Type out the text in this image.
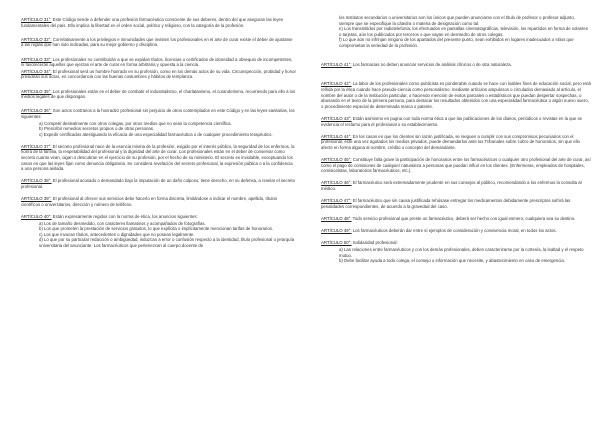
ARTÍCULO 31°: Este Código tiende a defender una profesión farmacéutica consciente de sus deberes, dentro del que aseguran las leyes fundamentales del país. Ello implica la libertad en el orden social, político y religioso, con la categoría de la profesión.

ARTÍCULO 32°: Correlativamente a los privilegios e inmunidades que invisten los profesionales en el arte de curar existe el deber de ajustarse a las reglas que han sido indicadas, para su mejor gobierno y disciplina.

ARTÍCULO 33°: Los profesionales no contribuirán a que se expidan títulos, licencias o certificados de idoneidad a obsequio de incompetentes, ni favorecerán aquellos que ejerzan el arte de curar en forma arbitraria y opuesta a la ciencia.

ARTÍCULO 34°: El profesional será un hombre honrado en su profesión, como en los demás actos de su vida. Circunspección, probidad y honor presidirán sus actos, en concordancia con las buenas costumbres y hábitos de templanza.

ARTÍCULO 35°: Los profesionales están en el deber de combatir el industrialismo, el charlatanismo, el curanderismo, recurriendo para ello a los medios legales de que dispongan.

ARTÍCULO 36°: Son actos contrarios a la honradez profesional sin perjuicio de otros contemplados en este Código y en las leyes sanitarias, los siguientes:
a) Competir deslealmente con otros colegas, por otros medios que no sean la competencia científica.
b) Prescribir remedios secretos propios o de otras personas.
c) Expedir certificados atestiguando la eficacia de una especialidad farmacéutica o de cualquier procedimiento terapéutico.

ARTÍCULO 37°: El secreto profesional nace de la esencia misma de la profesión, exigido por el interés público, la seguridad de los enfermos, la honra de la familia, la respetabilidad del profesional y la dignidad del arte de curar. Los profesionales están en el deber de conservar como secreto cuanto vean, oigan o descubran en el ejercicio de su profesión, por el hecho de su ministerio. El secreto es inviolable, exceptuando los casos en que las leyes fijan como denuncia obligatoria. Se considera revelación del secreto profesional, la expresión pública o a la confidencia a una persona aislada.

ARTÍCULO 38°: El profesional acusado o demandado bajo la imputación de un daño culposo, tiene derecho, en su defensa, a revelar el secreto profesional.

ARTÍCULO 39°: El profesional al ofrecer sus servicios debe hacerlo en forma discreta, limitándose a indicar el nombre, apellido, títulos científicos o universitarios, dirección y número de teléfono.

ARTÍCULO 40°: Están expresamente regidos con la norma de ética, los anuncios siguientes:
a) Los de tamaño desmedido, con caracteres llamativos y acompañados de fotografías.
b) Los que prometen la prestación de servicios gratuitos, lo que explícita o implícitamente mencionan tarifas de honorarios.
c) Los que invocan títulos, antecedentes o dignidades que no posean legalmente.
d) Lo que por su particular redacción o ambigüedad, induzcan a error o confusión respecto a la identidad, título profesional o jerarquía universitaria del anunciante. Los farmacéuticos que pertenezcan al cuerpo docente de
los Institutos secundarios o universitarios son los únicos que pueden anunciarse con el título de profesor o profesor adjunto, siempre que se especifique la cátedra o materia de designación como tal.
e) Los transmitidos por radiotelefonía, los efectuados en pantallas cinematográficas, televisión, los repartidos en forma de volantes o tarjetas, aún los publicados por terceros o que vayan en desmedro de otros colegas.
f) Lo que aún no infrinjan ninguno de los apartados del presente punto, sean exhibidos en lugares inadecuados o sitios que comprometan la seriedad de la profesión.

ARTÍCULO 41°: Los farmacias no deben anunciar servicios de análisis clínicos o de otra naturaleza.

ARTÍCULO 42°: La labor de los profesionales como publicista es ponderable cuando se hace con loables fines de educación social, pero está reñida por la ética cuando hace pseudo-ciencia como personalismo, mediante artículos ampulosos o circulados demasiado al artículo, el nombre del autor o de la institución particular, o haciendo mención de éxitos parciales o estadísticos que puedan despertar sospechas, o abusando en el texto de la primera persona, para destacar los resultados obtenidos con una especialidad farmacéutica o algún nuevo suero, o procedimiento especial de determinada marca o patente.

ARTÍCULO 43°: Están asimismo en pugna con toda norma ética a que las publicaciones de los diarios, periódicos o revistas en la que se evidencia el reclamo para el profesional o su establecimiento.

ARTÍCULO 44°: En los casos en que los clientes sin razón justificada, se nieguen a cumplir con sus compromisos pecuniarios con el profesional, éste una vez agotados los medios privados, puede demandarlos ante los Tribunales sobre cobro de honorarios, sin que ello afecte en forma alguna al nombre, crédito o concepto del demandante.

ARTÍCULO 45°: Constituye falta grave la participación de honorarios entre los farmacéuticos o cualquier otro profesional del arte de curar, así como el pago de comisiones de cualquier naturaleza a personas que puedan influir en los clientes. (Enfermeras, empleados de hospitales, comisionistas, laboratorios farmacéuticos, etc.).

ARTÍCULO 46°: El farmacéutico será extremadamente prudente en sus consejos al público, recomendando a los enfermos la consulta al médico.

ARTÍCULO 47°: El farmacéutico que sin causa justificada rehúsase entregar los medicamentos debidamente prescriptos sufrirá las penalidades correspondientes, de acuerdo a la gravedad del caso.

ARTÍCULO 48°: Todo servicio profesional que preste un farmacéutico, deberá ser hecho con igual esmero, cualquiera sea su destino.

ARTÍCULO 49°: Los farmacéuticos deberán dar entre sí ejemplos de consideración y convivencia moral, en todos los actos.

ARTÍCULO 50°: Solidaridad profesional:
a) Las relaciones entre farmacéuticos y con los demás profesionales, deben caracterizarse por la cortesía, la lealtad y el respeto mutuo.
b) Debe facilitar ayuda a todo colega, el consejo o información que necesite, y abastecimiento en caso de emergencia.
